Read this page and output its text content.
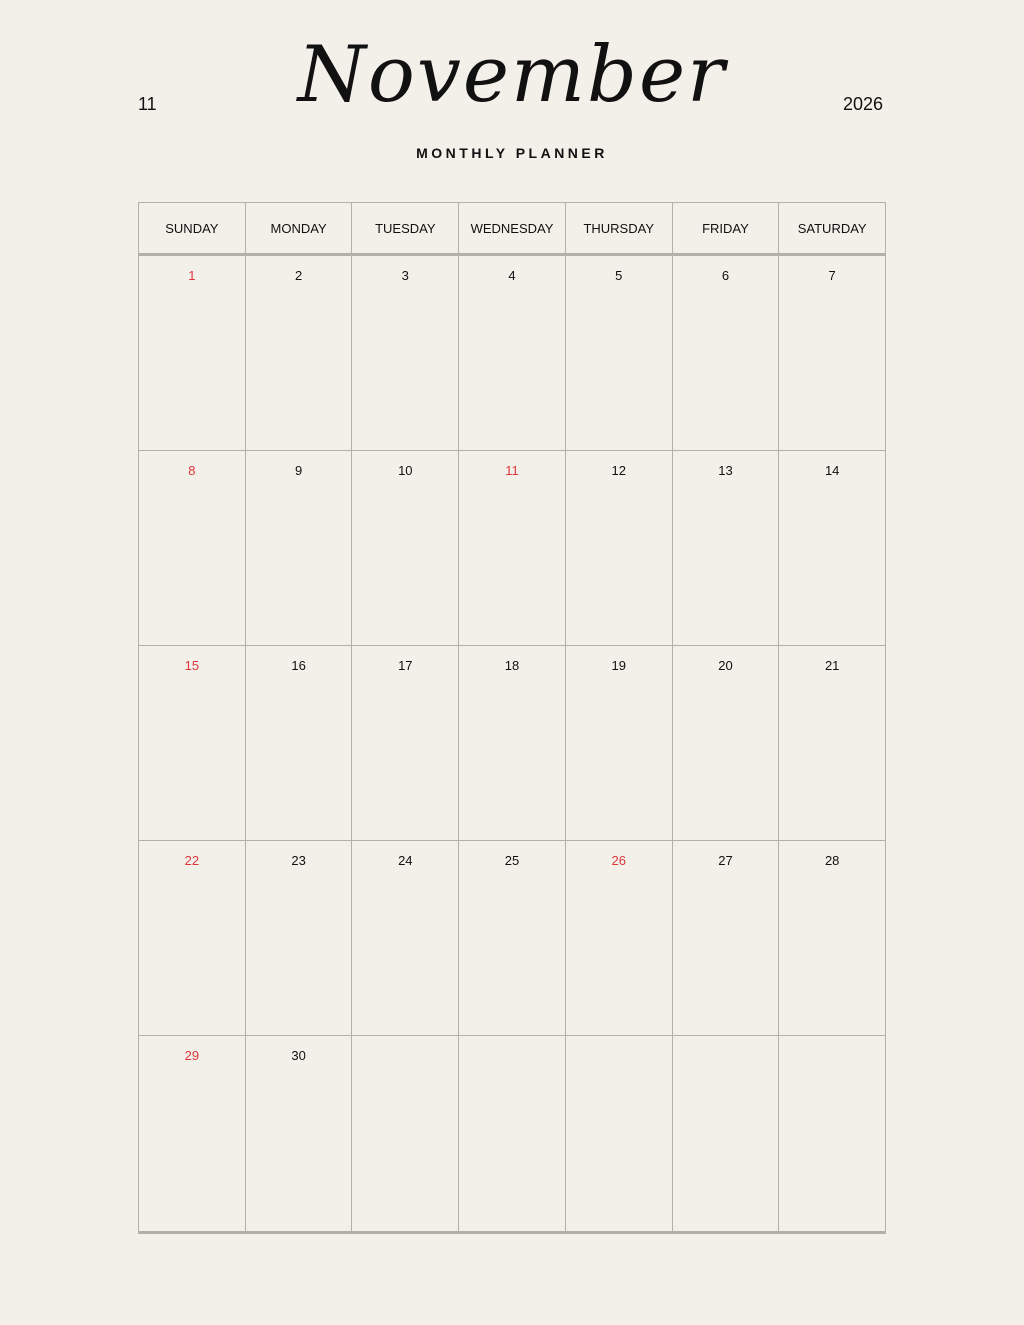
11	November	2026
MONTHLY PLANNER
SUNDAY	MONDAY	TUESDAY	WEDNESDAY	THURSDAY	FRIDAY	SATURDAY
1	2	3	4	5	6	7
8	9	10	11	12	13	14
15	16	17	18	19	20	21
22	23	24	25	26	27	28
29	30
